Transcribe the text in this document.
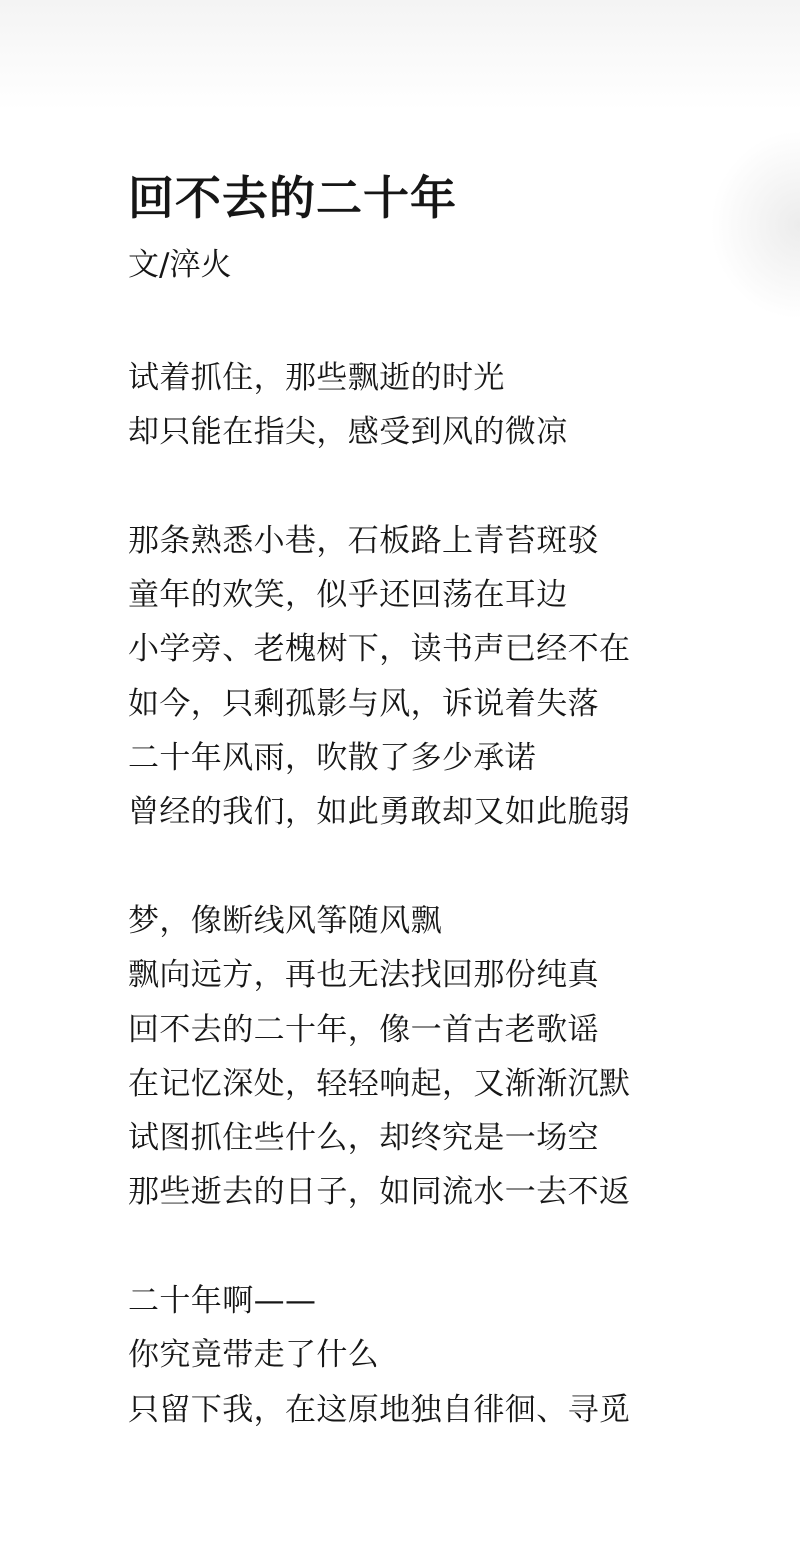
回不去的二十年

文/淬火

试着抓住，那些飘逝的时光
却只能在指尖，感受到风的微凉
那条熟悉小巷，石板路上青苔斑驳
童年的欢笑，似乎还回荡在耳边
小学旁、老槐树下，读书声已经不在
如今，只剩孤影与风，诉说着失落
二十年风雨，吹散了多少承诺
曾经的我们，如此勇敢却又如此脆弱
梦，像断线风筝随风飘
飘向远方，再也无法找回那份纯真
回不去的二十年，像一首古老歌谣
在记忆深处，轻轻响起，又渐渐沉默
试图抓住些什么，却终究是一场空
那些逝去的日子，如同流水一去不返
二十年啊——
你究竟带走了什么
只留下我，在这原地独自徘徊、寻觅
